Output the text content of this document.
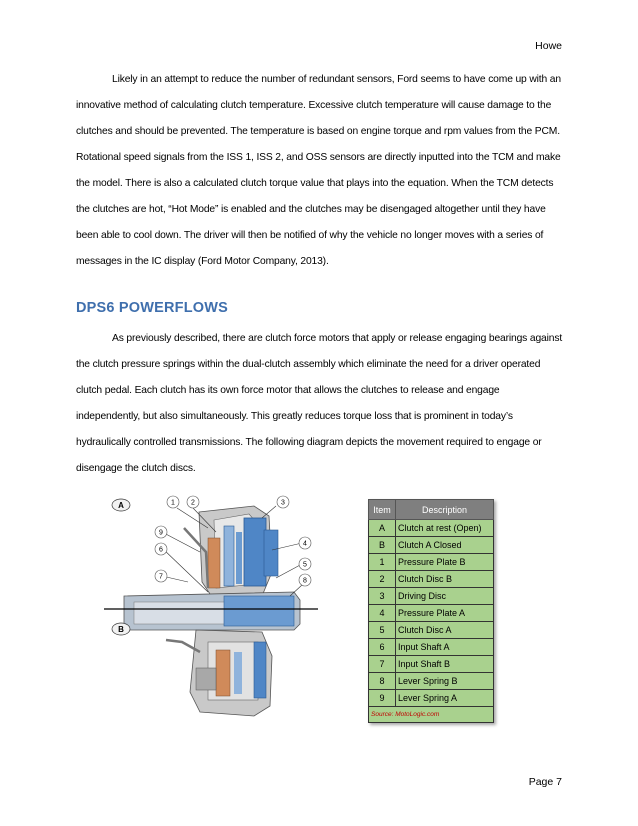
Howe

Likely in an attempt to reduce the number of redundant sensors, Ford seems to have come up with an innovative method of calculating clutch temperature. Excessive clutch temperature will cause damage to the clutches and should be prevented. The temperature is based on engine torque and rpm values from the PCM. Rotational speed signals from the ISS 1, ISS 2, and OSS sensors are directly inputted into the TCM and make the model. There is also a calculated clutch torque value that plays into the equation. When the TCM detects the clutches are hot, “Hot Mode” is enabled and the clutches may be disengaged altogether until they have been able to cool down. The driver will then be notified of why the vehicle no longer moves with a series of messages in the IC display (Ford Motor Company, 2013).

DPS6 POWERFLOWS

As previously described, there are clutch force motors that apply or release engaging bearings against the clutch pressure springs within the dual-clutch assembly which eliminate the need for a driver operated clutch pedal. Each clutch has its own force motor that allows the clutches to release and engage independently, but also simultaneously. This greatly reduces torque loss that is prominent in today’s hydraulically controlled transmissions. The following diagram depicts the movement required to engage or disengage the clutch discs.

A
B
1 2	3
4
5
6
7
8
9
Item	Description
A	Clutch at rest (Open)
B	Clutch A Closed
1	Pressure Plate B
2	Clutch Disc B
3	Driving Disc
4	Pressure Plate A
5	Clutch Disc A
6	Input Shaft A
7	Input Shaft B
8	Lever Spring B
9	Lever Spring A
Source: MotoLogic.com	
Page 7
